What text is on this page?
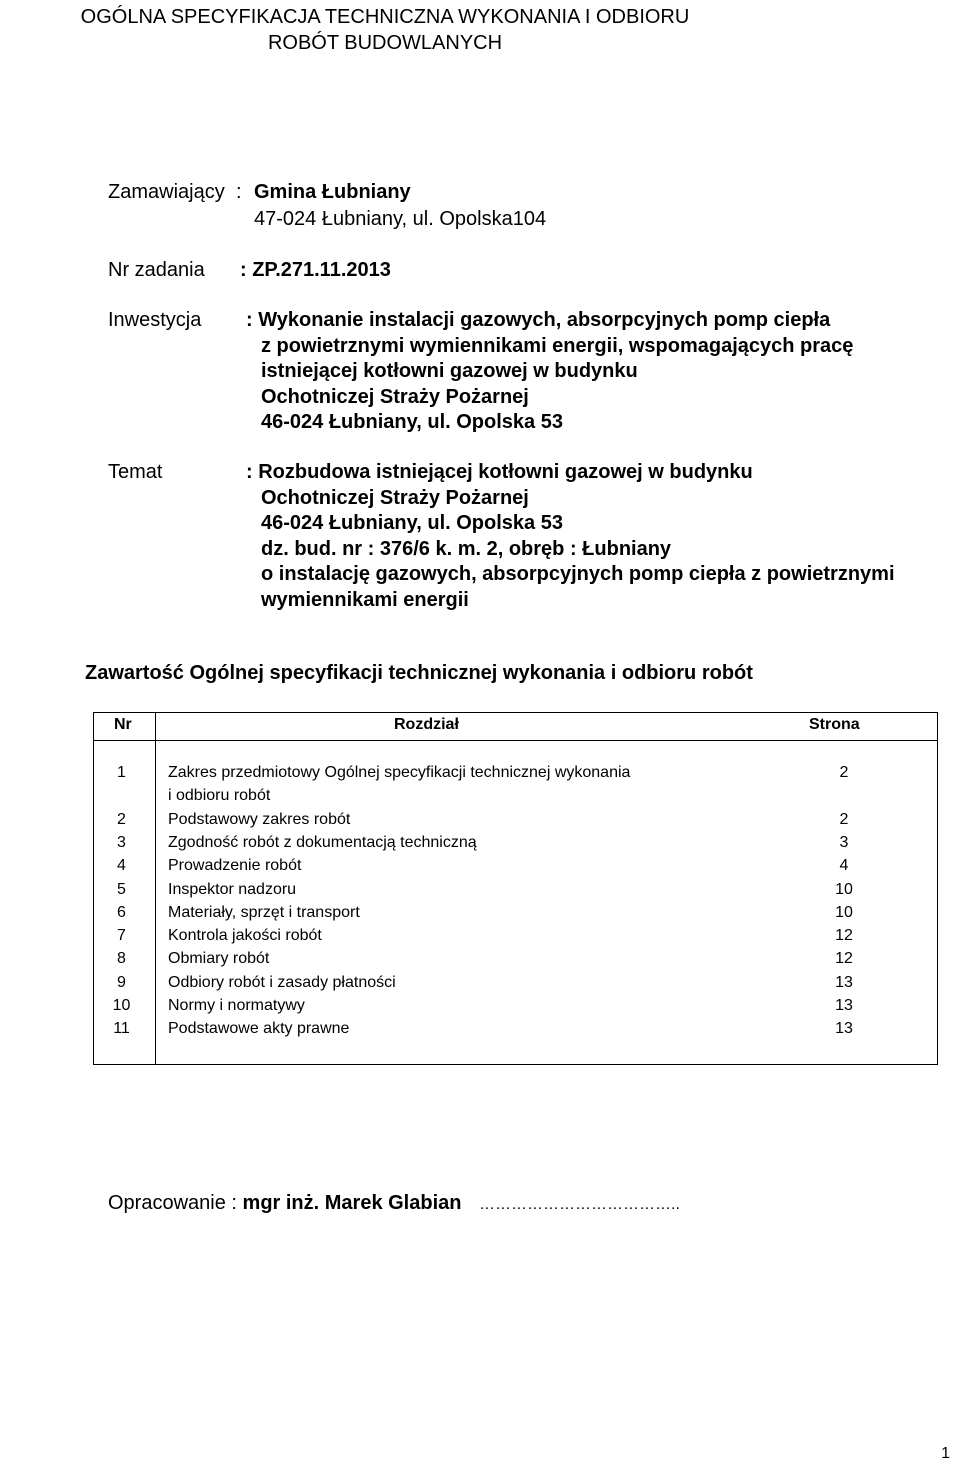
OGÓLNA SPECYFIKACJA TECHNICZNA WYKONANIA I ODBIORU
ROBÓT BUDOWLANYCH
Zamawiający : Gmina Łubniany
47-024 Łubniany, ul. Opolska104
Nr zadania : ZP.271.11.2013
Inwestycja : Wykonanie instalacji gazowych, absorpcyjnych pomp ciepła
z powietrznymi wymiennikami energii, wspomagających pracę
istniejącej kotłowni gazowej w budynku
Ochotniczej Straży Pożarnej
46-024 Łubniany, ul. Opolska 53
Temat	: Rozbudowa istniejącej kotłowni gazowej w budynku
Ochotniczej Straży Pożarnej
46-024 Łubniany, ul. Opolska 53
dz. bud. nr : 376/6 k. m. 2, obręb : Łubniany
o instalację gazowych, absorpcyjnych pomp ciepła z powietrznymi
wymiennikami energii
Zawartość Ogólnej specyfikacji technicznej wykonania i odbioru robót
Nr	Rozdział	Strona
1	Zakres przedmiotowy Ogólnej specyfikacji technicznej wykonania	2
i odbioru robót
2	Podstawowy zakres robót	2
3	Zgodność robót z dokumentacją techniczną	3
4	Prowadzenie robót	4
5	Inspektor nadzoru	10
6	Materiały, sprzęt i transport	10
7	Kontrola jakości robót	12
8	Obmiary robót	12
9	Odbiory robót i zasady płatności	13
10	Normy i normatywy	13
11	Podstawowe akty prawne	13
Opracowanie : mgr inż. Marek Glabian ………………………………..
1
